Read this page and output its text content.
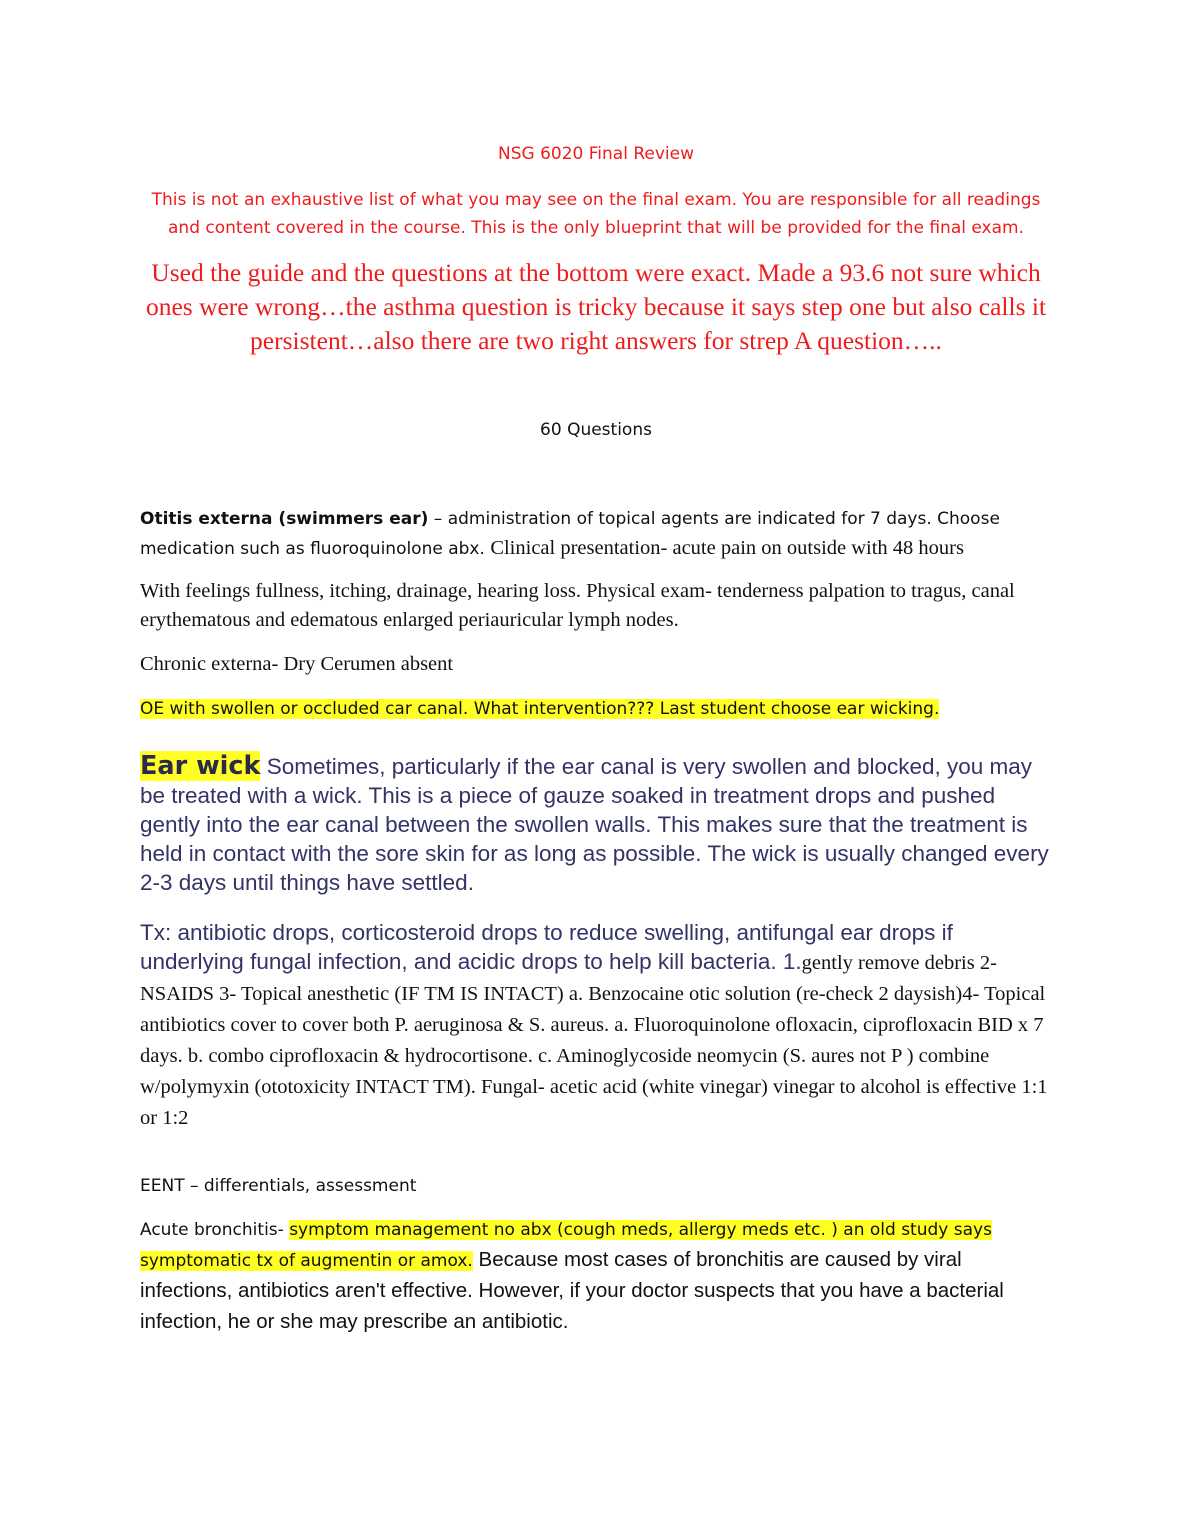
NSG 6020 Final Review

This is not an exhaustive list of what you may see on the final exam. You are responsible for all readings and content covered in the course. This is the only blueprint that will be provided for the final exam.

Used the guide and the questions at the bottom were exact. Made a 93.6 not sure which ones were wrong…the asthma question is tricky because it says step one but also calls it persistent…also there are two right answers for strep A question…..

60 Questions

Otitis externa (swimmers ear) – administration of topical agents are indicated for 7 days. Choose medication such as fluoroquinolone abx. Clinical presentation- acute pain on outside with 48 hours

With feelings fullness, itching, drainage, hearing loss. Physical exam- tenderness palpation to tragus, canal erythematous and edematous enlarged periauricular lymph nodes.

Chronic externa- Dry Cerumen absent

OE with swollen or occluded car canal. What intervention??? Last student choose ear wicking.

Ear wick Sometimes, particularly if the ear canal is very swollen and blocked, you may be treated with a wick. This is a piece of gauze soaked in treatment drops and pushed gently into the ear canal between the swollen walls. This makes sure that the treatment is held in contact with the sore skin for as long as possible. The wick is usually changed every 2-3 days until things have settled.

Tx: antibiotic drops, corticosteroid drops to reduce swelling, antifungal ear drops if underlying fungal infection, and acidic drops to help kill bacteria. 1.gently remove debris 2- NSAIDS 3- Topical anesthetic (IF TM IS INTACT) a. Benzocaine otic solution (re-check 2 daysish)4- Topical antibiotics cover to cover both P. aeruginosa & S. aureus. a. Fluoroquinolone ofloxacin, ciprofloxacin BID x 7 days. b. combo ciprofloxacin & hydrocortisone. c. Aminoglycoside neomycin (S. aures not P ) combine w/polymyxin (ototoxicity INTACT TM). Fungal- acetic acid (white vinegar) vinegar to alcohol is effective 1:1 or 1:2

EENT – differentials, assessment

Acute bronchitis- symptom management no abx (cough meds, allergy meds etc. ) an old study says symptomatic tx of augmentin or amox. Because most cases of bronchitis are caused by viral infections, antibiotics aren't effective. However, if your doctor suspects that you have a bacterial infection, he or she may prescribe an antibiotic.
